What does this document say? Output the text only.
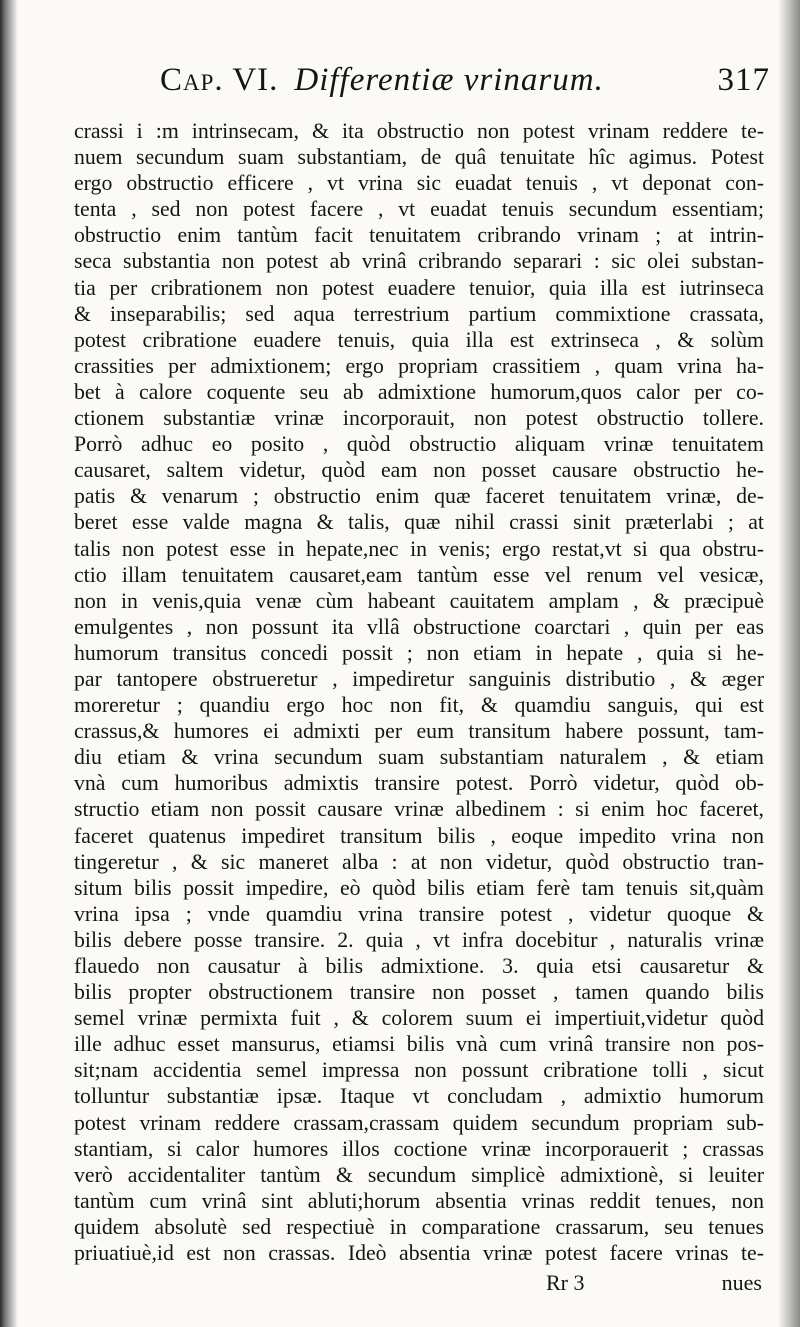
Cap. VI. Differentiæ vrinarum.	317
crassi i :m intrinsecam, & ita obstructio non potest vrinam reddere te-
nuem secundum suam substantiam, de quâ tenuitate hîc agimus. Potest
ergo obstructio efficere , vt vrina sic euadat tenuis , vt deponat con-
tenta , sed non potest facere , vt euadat tenuis secundum essentiam;
obstructio enim tantùm facit tenuitatem cribrando vrinam ; at intrin-
seca substantia non potest ab vrinâ cribrando separari : sic olei substan-
tia per cribrationem non potest euadere tenuior, quia illa est iutrinseca
& inseparabilis; sed aqua terrestrium partium commixtione crassata,
potest cribratione euadere tenuis, quia illa est extrinseca , & solùm
crassities per admixtionem; ergo propriam crassitiem , quam vrina ha-
bet à calore coquente seu ab admixtione humorum,quos calor per co-
ctionem substantiæ vrinæ incorporauit, non potest obstructio tollere.
Porrò adhuc eo posito , quòd obstructio aliquam vrinæ tenuitatem
causaret, saltem videtur, quòd eam non posset causare obstructio he-
patis & venarum ; obstructio enim quæ faceret tenuitatem vrinæ, de-
beret esse valde magna & talis, quæ nihil crassi sinit præterlabi ; at
talis non potest esse in hepate,nec in venis; ergo restat,vt si qua obstru-
ctio illam tenuitatem causaret,eam tantùm esse vel renum vel vesicæ,
non in venis,quia venæ cùm habeant cauitatem amplam , & præcipuè
emulgentes , non possunt ita vllâ obstructione coarctari , quin per eas
humorum transitus concedi possit ; non etiam in hepate , quia si he-
par tantopere obstrueretur , impediretur sanguinis distributio , & æger
moreretur ; quandiu ergo hoc non fit, & quamdiu sanguis, qui est
crassus,& humores ei admixti per eum transitum habere possunt, tam-
diu etiam & vrina secundum suam substantiam naturalem , & etiam
vnà cum humoribus admixtis transire potest. Porrò videtur, quòd ob-
structio etiam non possit causare vrinæ albedinem : si enim hoc faceret,
faceret quatenus impediret transitum bilis , eoque impedito vrina non
tingeretur , & sic maneret alba : at non videtur, quòd obstructio tran-
situm bilis possit impedire, eò quòd bilis etiam ferè tam tenuis sit,quàm
vrina ipsa ; vnde quamdiu vrina transire potest , videtur quoque &
bilis debere posse transire. 2. quia , vt infra docebitur , naturalis vrinæ
flauedo non causatur à bilis admixtione. 3. quia etsi causaretur &
bilis propter obstructionem transire non posset , tamen quando bilis
semel vrinæ permixta fuit , & colorem suum ei impertiuit,videtur quòd
ille adhuc esset mansurus, etiamsi bilis vnà cum vrinâ transire non pos-
sit;nam accidentia semel impressa non possunt cribratione tolli , sicut
tolluntur substantiæ ipsæ. Itaque vt concludam , admixtio humorum
potest vrinam reddere crassam,crassam quidem secundum propriam sub-
stantiam, si calor humores illos coctione vrinæ incorporauerit ; crassas
verò accidentaliter tantùm & secundum simplicè admixtionè, si leuiter
tantùm cum vrinâ sint abluti;horum absentia vrinas reddit tenues, non
quidem absolutè sed respectiuè in comparatione crassarum, seu tenues
priuatiuè,id est non crassas. Ideò absentia vrinæ potest facere vrinas te-
Rr 3	nues
